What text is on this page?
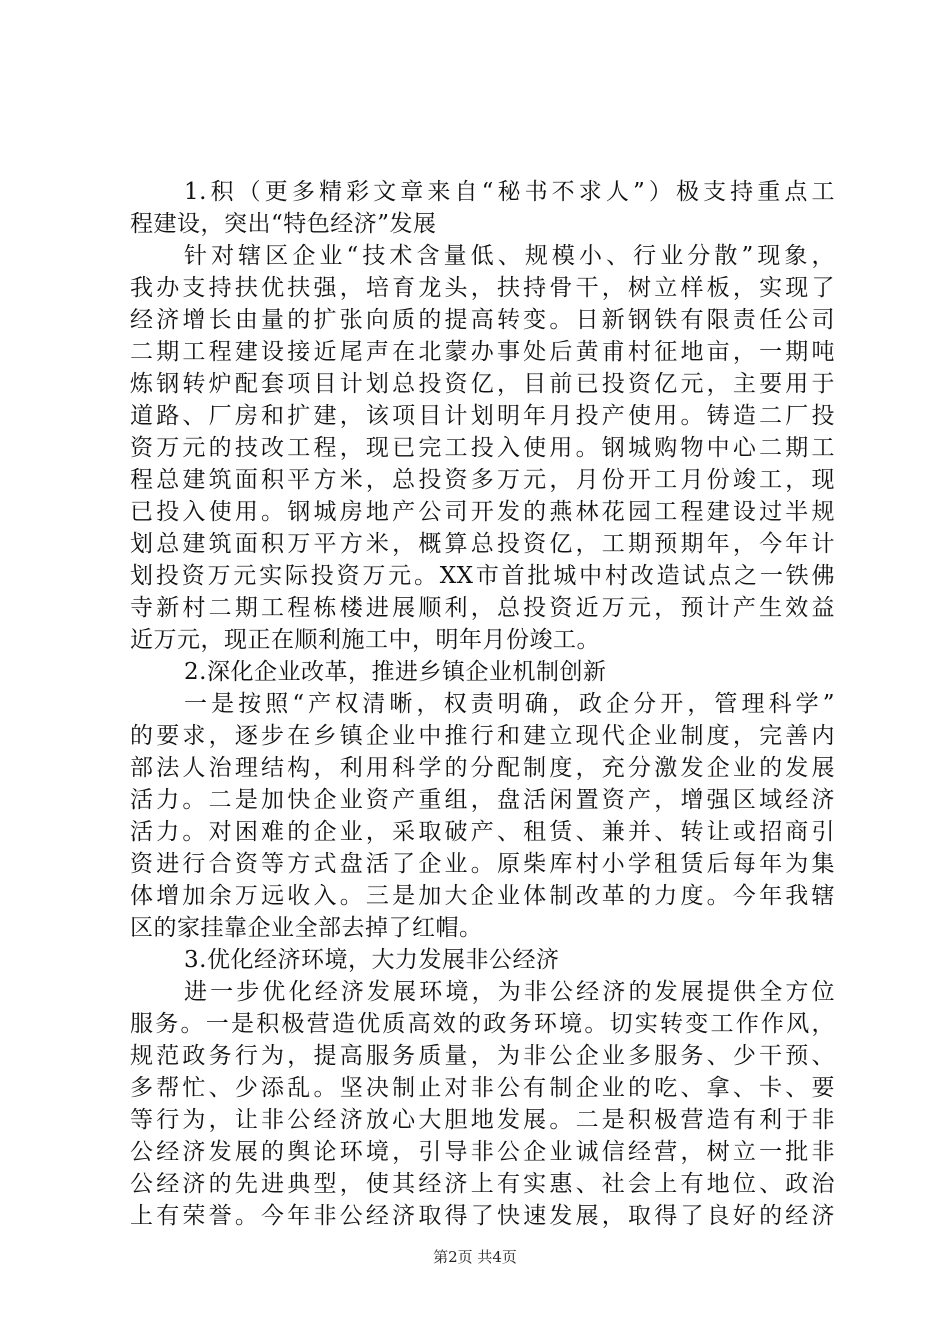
1.积（更多精彩文章来自“秘书不求人”）极支持重点工
程建设，突出“特色经济”发展
针对辖区企业“技术含量低、规模小、行业分散”现象，
我办支持扶优扶强，培育龙头，扶持骨干，树立样板，实现了
经济增长由量的扩张向质的提高转变。日新钢铁有限责任公司
二期工程建设接近尾声在北蒙办事处后黄甫村征地亩，一期吨
炼钢转炉配套项目计划总投资亿，目前已投资亿元，主要用于
道路、厂房和扩建，该项目计划明年月投产使用。铸造二厂投
资万元的技改工程，现已完工投入使用。钢城购物中心二期工
程总建筑面积平方米，总投资多万元，月份开工月份竣工，现
已投入使用。钢城房地产公司开发的燕林花园工程建设过半规
划总建筑面积万平方米，概算总投资亿，工期预期年，今年计
划投资万元实际投资万元。XX市首批城中村改造试点之一铁佛
寺新村二期工程栋楼进展顺利，总投资近万元，预计产生效益
近万元，现正在顺利施工中，明年月份竣工。
2.深化企业改革，推进乡镇企业机制创新
一是按照“产权清晰，权责明确，政企分开，管理科学”
的要求，逐步在乡镇企业中推行和建立现代企业制度，完善内
部法人治理结构，利用科学的分配制度，充分激发企业的发展
活力。二是加快企业资产重组，盘活闲置资产，增强区域经济
活力。对困难的企业，采取破产、租赁、兼并、转让或招商引
资进行合资等方式盘活了企业。原柴库村小学租赁后每年为集
体增加余万远收入。三是加大企业体制改革的力度。今年我辖
区的家挂靠企业全部去掉了红帽。
3.优化经济环境，大力发展非公经济
进一步优化经济发展环境，为非公经济的发展提供全方位
服务。一是积极营造优质高效的政务环境。切实转变工作作风，
规范政务行为，提高服务质量，为非公企业多服务、少干预、
多帮忙、少添乱。坚决制止对非公有制企业的吃、拿、卡、要
等行为，让非公经济放心大胆地发展。二是积极营造有利于非
公经济发展的舆论环境，引导非公企业诚信经营，树立一批非
公经济的先进典型，使其经济上有实惠、社会上有地位、政治
上有荣誉。今年非公经济取得了快速发展，取得了良好的经济
第2页 共4页
